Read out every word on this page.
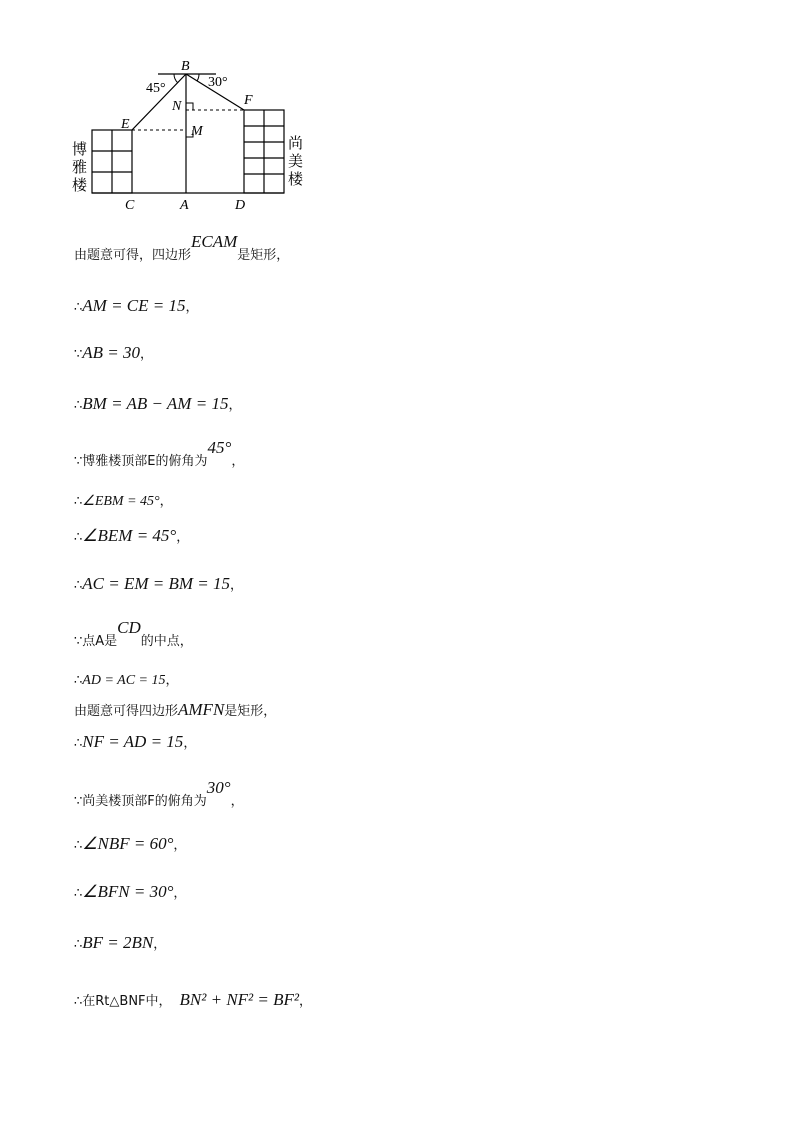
B
45°	30°
N	F
E	M
C	A	D
博
雅
楼
尚
美
楼
由题意可得，四边形ECAM是矩形，
∴AM = CE = 15，
∵AB = 30，
∴BM = AB − AM = 15，
∵博雅楼顶部E的俯角为45°，
∴∠EBM = 45°，
∴∠BEM = 45°，
∴AC = EM = BM = 15，
∵点A是CD的中点，
∴AD = AC = 15，
由题意可得四边形AMFN是矩形，
∴NF = AD = 15，
∵尚美楼顶部F的俯角为30°，
∴∠NBF = 60°，
∴∠BFN = 30°，
∴BF = 2BN，
∴在Rt△BNF中， BN² + NF² = BF²，
